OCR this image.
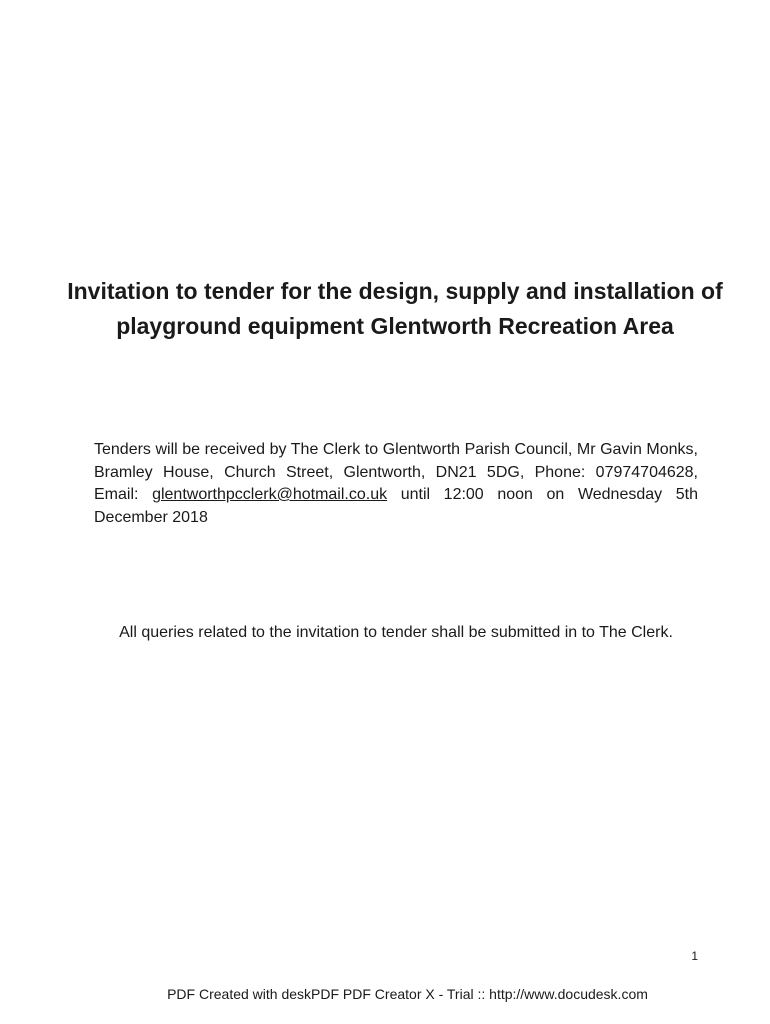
Invitation to tender for the design, supply and installation of playground equipment Glentworth Recreation Area

Tenders will be received by The Clerk to Glentworth Parish Council, Mr Gavin Monks, Bramley House, Church Street, Glentworth, DN21 5DG, Phone: 07974704628, Email: glentworthpcclerk@hotmail.co.uk until 12:00 noon on Wednesday 5th December 2018

All queries related to the invitation to tender shall be submitted in to The Clerk.

1
PDF Created with deskPDF PDF Creator X - Trial :: http://www.docudesk.com
